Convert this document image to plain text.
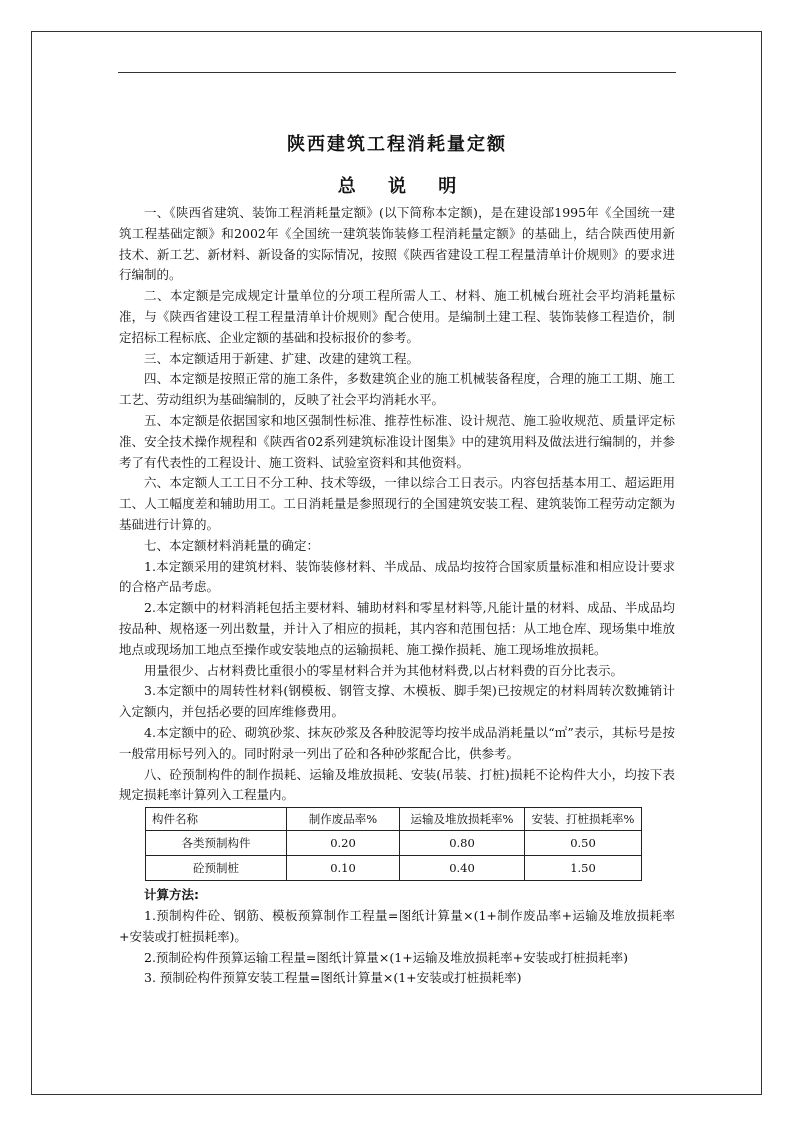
陕西建筑工程消耗量定额
总 说 明

一、《陕西省建筑、装饰工程消耗量定额》(以下简称本定额)，是在建设部1995年《全国统一建筑工程基础定额》和2002年《全国统一建筑装饰装修工程消耗量定额》的基础上，结合陕西使用新技术、新工艺、新材料、新设备的实际情况，按照《陕西省建设工程工程量清单计价规则》的要求进行编制的。

二、本定额是完成规定计量单位的分项工程所需人工、材料、施工机械台班社会平均消耗量标准，与《陕西省建设工程工程量清单计价规则》配合使用。是编制土建工程、装饰装修工程造价，制定招标工程标底、企业定额的基础和投标报价的参考。

三、本定额适用于新建、扩建、改建的建筑工程。

四、本定额是按照正常的施工条件，多数建筑企业的施工机械装备程度，合理的施工工期、施工工艺、劳动组织为基础编制的，反映了社会平均消耗水平。

五、本定额是依据国家和地区强制性标准、推荐性标准、设计规范、施工验收规范、质量评定标准、安全技术操作规程和《陕西省02系列建筑标准设计图集》中的建筑用料及做法进行编制的，并参考了有代表性的工程设计、施工资料、试验室资料和其他资料。

六、本定额人工工日不分工种、技术等级，一律以综合工日表示。内容包括基本用工、超运距用工、人工幅度差和辅助用工。工日消耗量是参照现行的全国建筑安装工程、建筑装饰工程劳动定额为基础进行计算的。

七、本定额材料消耗量的确定：

1.本定额采用的建筑材料、装饰装修材料、半成品、成品均按符合国家质量标准和相应设计要求的合格产品考虑。

2.本定额中的材料消耗包括主要材料、辅助材料和零星材料等,凡能计量的材料、成品、半成品均按品种、规格逐一列出数量，并计入了相应的损耗，其内容和范围包括：从工地仓库、现场集中堆放地点或现场加工地点至操作或安装地点的运输损耗、施工操作损耗、施工现场堆放损耗。

用量很少、占材料费比重很小的零星材料合并为其他材料费,以占材料费的百分比表示。

3.本定额中的周转性材料(钢模板、钢管支撑、木模板、脚手架)已按规定的材料周转次数摊销计入定额内，并包括必要的回库维修费用。

4.本定额中的砼、砌筑砂浆、抹灰砂浆及各种胶泥等均按半成品消耗量以“㎡”表示，其标号是按一般常用标号列入的。同时附录一列出了砼和各种砂浆配合比，供参考。

八、砼预制构件的制作损耗、运输及堆放损耗、安装(吊装、打桩)损耗不论构件大小，均按下表规定损耗率计算列入工程量内。

构件名称	制作废品率%	运输及堆放损耗率%	安装、打桩损耗率%
各类预制构件	0.20	0.80	0.50
砼预制桩	0.10	0.40	1.50

计算方法:

1.预制构件砼、钢筋、模板预算制作工程量=图纸计算量×(1+制作废品率+运输及堆放损耗率+安装或打桩损耗率)。

2.预制砼构件预算运输工程量=图纸计算量×(1+运输及堆放损耗率+安装或打桩损耗率)

3. 预制砼构件预算安装工程量=图纸计算量×(1+安装或打桩损耗率)
